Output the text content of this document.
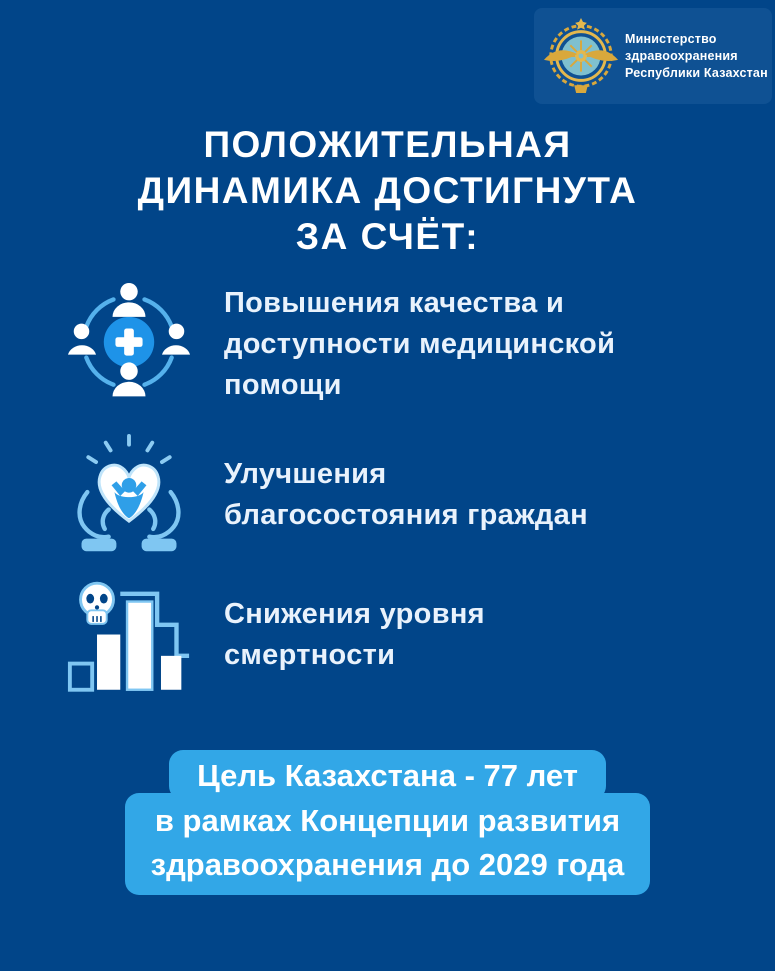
Министерство
здравоохранения
Республики Казахстан
ПОЛОЖИТЕЛЬНАЯ
ДИНАМИКА ДОСТИГНУТА
ЗА СЧЁТ:
Повышения качества и
доступности медицинской
помощи
Улучшения
благосостояния граждан
Снижения уровня
смертности
Цель Казахстана - 77 лет
в рамках Концепции развития
здравоохранения до 2029 года
